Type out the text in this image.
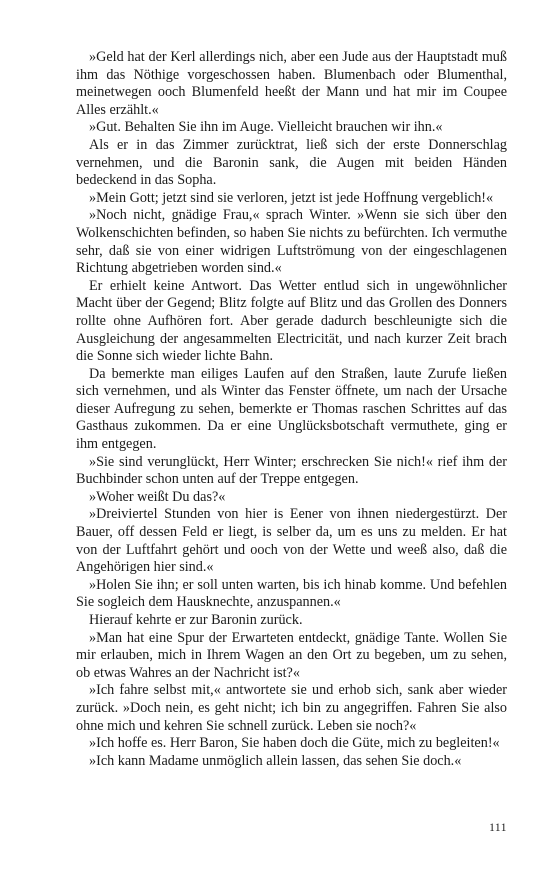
»Geld hat der Kerl allerdings nich, aber een Jude aus der Hauptstadt muß ihm das Nöthige vorgeschossen haben. Blumenbach oder Blumenthal, meinetwegen ooch Blumenfeld heeßt der Mann und hat mir im Coupee Alles erzählt.«

»Gut. Behalten Sie ihn im Auge. Vielleicht brauchen wir ihn.«

Als er in das Zimmer zurücktrat, ließ sich der erste Donnerschlag vernehmen, und die Baronin sank, die Augen mit beiden Händen bedeckend in das Sopha.

»Mein Gott; jetzt sind sie verloren, jetzt ist jede Hoffnung vergeblich!«

»Noch nicht, gnädige Frau,« sprach Winter. »Wenn sie sich über den Wolkenschichten befinden, so haben Sie nichts zu befürchten. Ich vermuthe sehr, daß sie von einer widrigen Luftströmung von der eingeschlagenen Richtung abgetrieben worden sind.«

Er erhielt keine Antwort. Das Wetter entlud sich in ungewöhnlicher Macht über der Gegend; Blitz folgte auf Blitz und das Grollen des Donners rollte ohne Aufhören fort. Aber gerade dadurch beschleunigte sich die Ausgleichung der angesammelten Electricität, und nach kurzer Zeit brach die Sonne sich wieder lichte Bahn.

Da bemerkte man eiliges Laufen auf den Straßen, laute Zurufe ließen sich vernehmen, und als Winter das Fenster öffnete, um nach der Ursache dieser Aufregung zu sehen, bemerkte er Thomas raschen Schrittes auf das Gasthaus zukommen. Da er eine Unglücksbotschaft vermuthete, ging er ihm entgegen.

»Sie sind verunglückt, Herr Winter; erschrecken Sie nich!« rief ihm der Buchbinder schon unten auf der Treppe entgegen.

»Woher weißt Du das?«

»Dreiviertel Stunden von hier is Eener von ihnen niedergestürzt. Der Bauer, off dessen Feld er liegt, is selber da, um es uns zu melden. Er hat von der Luftfahrt gehört und ooch von der Wette und weeß also, daß die Angehörigen hier sind.«

»Holen Sie ihn; er soll unten warten, bis ich hinab komme. Und befehlen Sie sogleich dem Hausknechte, anzuspannen.«

Hierauf kehrte er zur Baronin zurück.

»Man hat eine Spur der Erwarteten entdeckt, gnädige Tante. Wollen Sie mir erlauben, mich in Ihrem Wagen an den Ort zu begeben, um zu sehen, ob etwas Wahres an der Nachricht ist?«

»Ich fahre selbst mit,« antwortete sie und erhob sich, sank aber wieder zurück. »Doch nein, es geht nicht; ich bin zu angegriffen. Fahren Sie also ohne mich und kehren Sie schnell zurück. Leben sie noch?«

»Ich hoffe es. Herr Baron, Sie haben doch die Güte, mich zu begleiten!«

»Ich kann Madame unmöglich allein lassen, das sehen Sie doch.«

111
